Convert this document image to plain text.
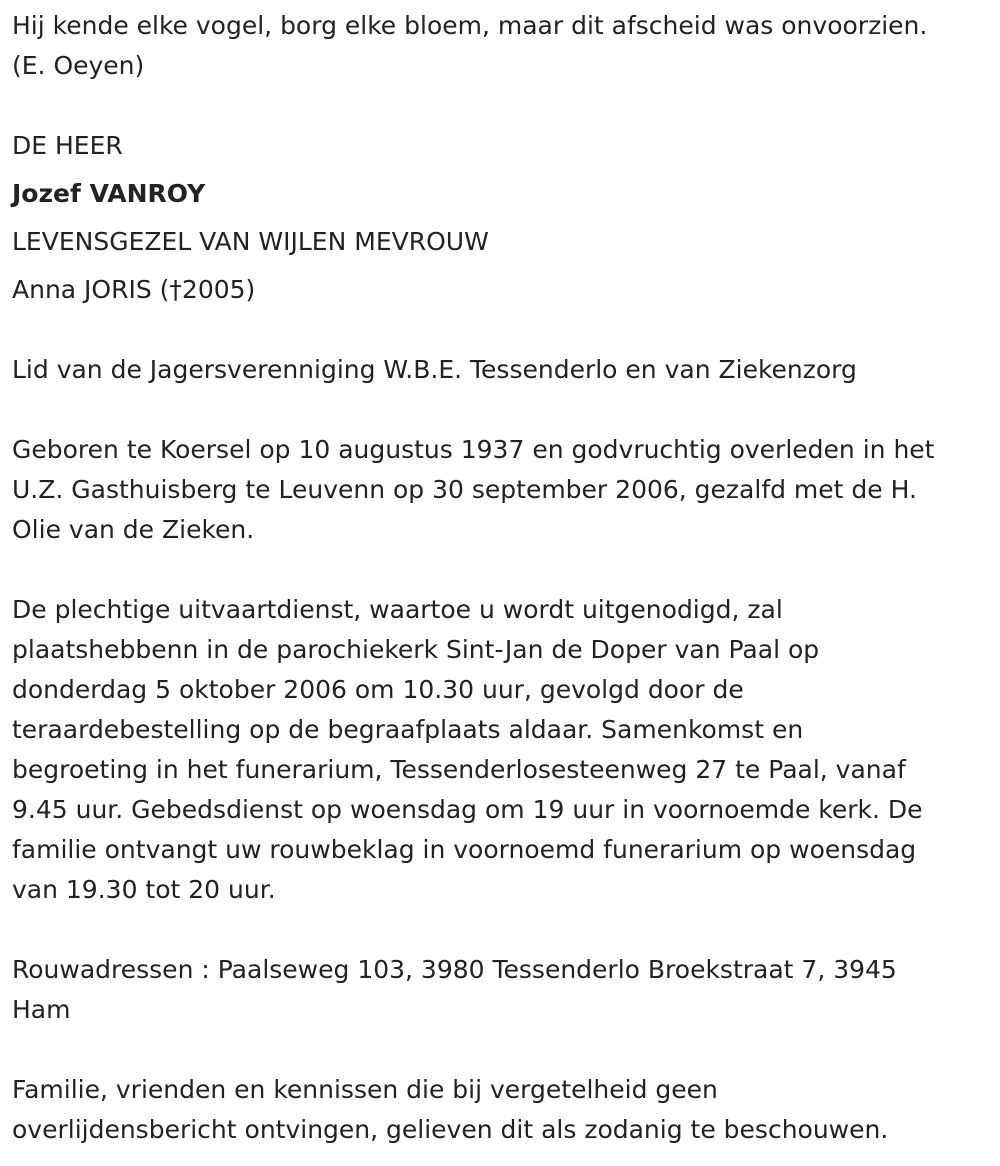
Hij kende elke vogel, borg elke bloem, maar dit afscheid was onvoorzien.

(E. Oeyen)

DE HEER

Jozef VANROY

LEVENSGEZEL VAN WIJLEN MEVROUW

Anna JORIS (†2005)

Lid van de Jagersverenniging W.B.E. Tessenderlo en van Ziekenzorg

Geboren te Koersel op 10 augustus 1937 en godvruchtig overleden in het

U.Z. Gasthuisberg te Leuvenn op 30 september 2006, gezalfd met de H.

Olie van de Zieken.

De plechtige uitvaartdienst, waartoe u wordt uitgenodigd, zal

plaatshebbenn in de parochiekerk Sint-Jan de Doper van Paal op

donderdag 5 oktober 2006 om 10.30 uur, gevolgd door de

teraardebestelling op de begraafplaats aldaar. Samenkomst en

begroeting in het funerarium, Tessenderlosesteenweg 27 te Paal, vanaf

9.45 uur. Gebedsdienst op woensdag om 19 uur in voornoemde kerk. De

familie ontvangt uw rouwbeklag in voornoemd funerarium op woensdag

van 19.30 tot 20 uur.

Rouwadressen : Paalseweg 103, 3980 Tessenderlo Broekstraat 7, 3945

Ham

Familie, vrienden en kennissen die bij vergetelheid geen

overlijdensbericht ontvingen, gelieven dit als zodanig te beschouwen.
